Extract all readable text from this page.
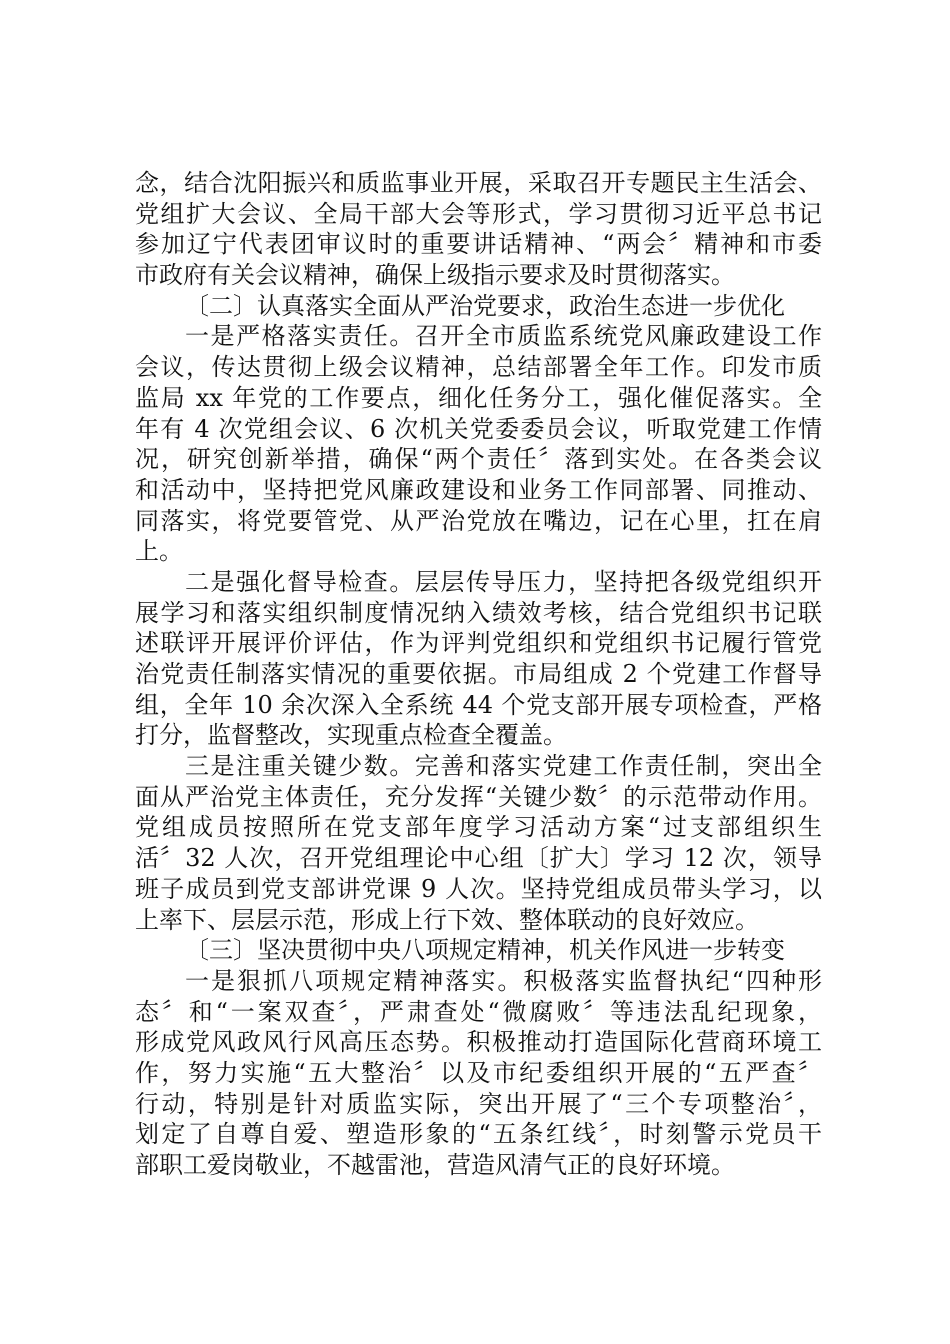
念，结合沈阳振兴和质监事业开展，采取召开专题民主生活会、
党组扩大会议、全局干部大会等形式，学习贯彻习近平总书记
参加辽宁代表团审议时的重要讲话精神、“两会〞精神和市委
市政府有关会议精神，确保上级指示要求及时贯彻落实。
〔二〕认真落实全面从严治党要求，政治生态进一步优化
一是严格落实责任。召开全市质监系统党风廉政建设工作
会议，传达贯彻上级会议精神，总结部署全年工作。印发市质
监局 xx 年党的工作要点，细化任务分工，强化催促落实。全
年有 4 次党组会议、6 次机关党委委员会议，听取党建工作情
况，研究创新举措，确保“两个责任〞落到实处。在各类会议
和活动中，坚持把党风廉政建设和业务工作同部署、同推动、
同落实，将党要管党、从严治党放在嘴边，记在心里，扛在肩
上。
二是强化督导检查。层层传导压力，坚持把各级党组织开
展学习和落实组织制度情况纳入绩效考核，结合党组织书记联
述联评开展评价评估，作为评判党组织和党组织书记履行管党
治党责任制落实情况的重要依据。市局组成 2 个党建工作督导
组，全年 10 余次深入全系统 44 个党支部开展专项检查，严格
打分，监督整改，实现重点检查全覆盖。
三是注重关键少数。完善和落实党建工作责任制，突出全
面从严治党主体责任，充分发挥“关键少数〞的示范带动作用。
党组成员按照所在党支部年度学习活动方案“过支部组织生
活〞32 人次，召开党组理论中心组〔扩大〕学习 12 次，领导
班子成员到党支部讲党课 9 人次。坚持党组成员带头学习，以
上率下、层层示范，形成上行下效、整体联动的良好效应。
〔三〕坚决贯彻中央八项规定精神，机关作风进一步转变
一是狠抓八项规定精神落实。积极落实监督执纪“四种形
态〞和“一案双查〞，严肃查处“微腐败〞等违法乱纪现象，
形成党风政风行风高压态势。积极推动打造国际化营商环境工
作，努力实施“五大整治〞以及市纪委组织开展的“五严查〞
行动，特别是针对质监实际，突出开展了“三个专项整治〞，
划定了自尊自爱、塑造形象的“五条红线〞，时刻警示党员干
部职工爱岗敬业，不越雷池，营造风清气正的良好环境。
